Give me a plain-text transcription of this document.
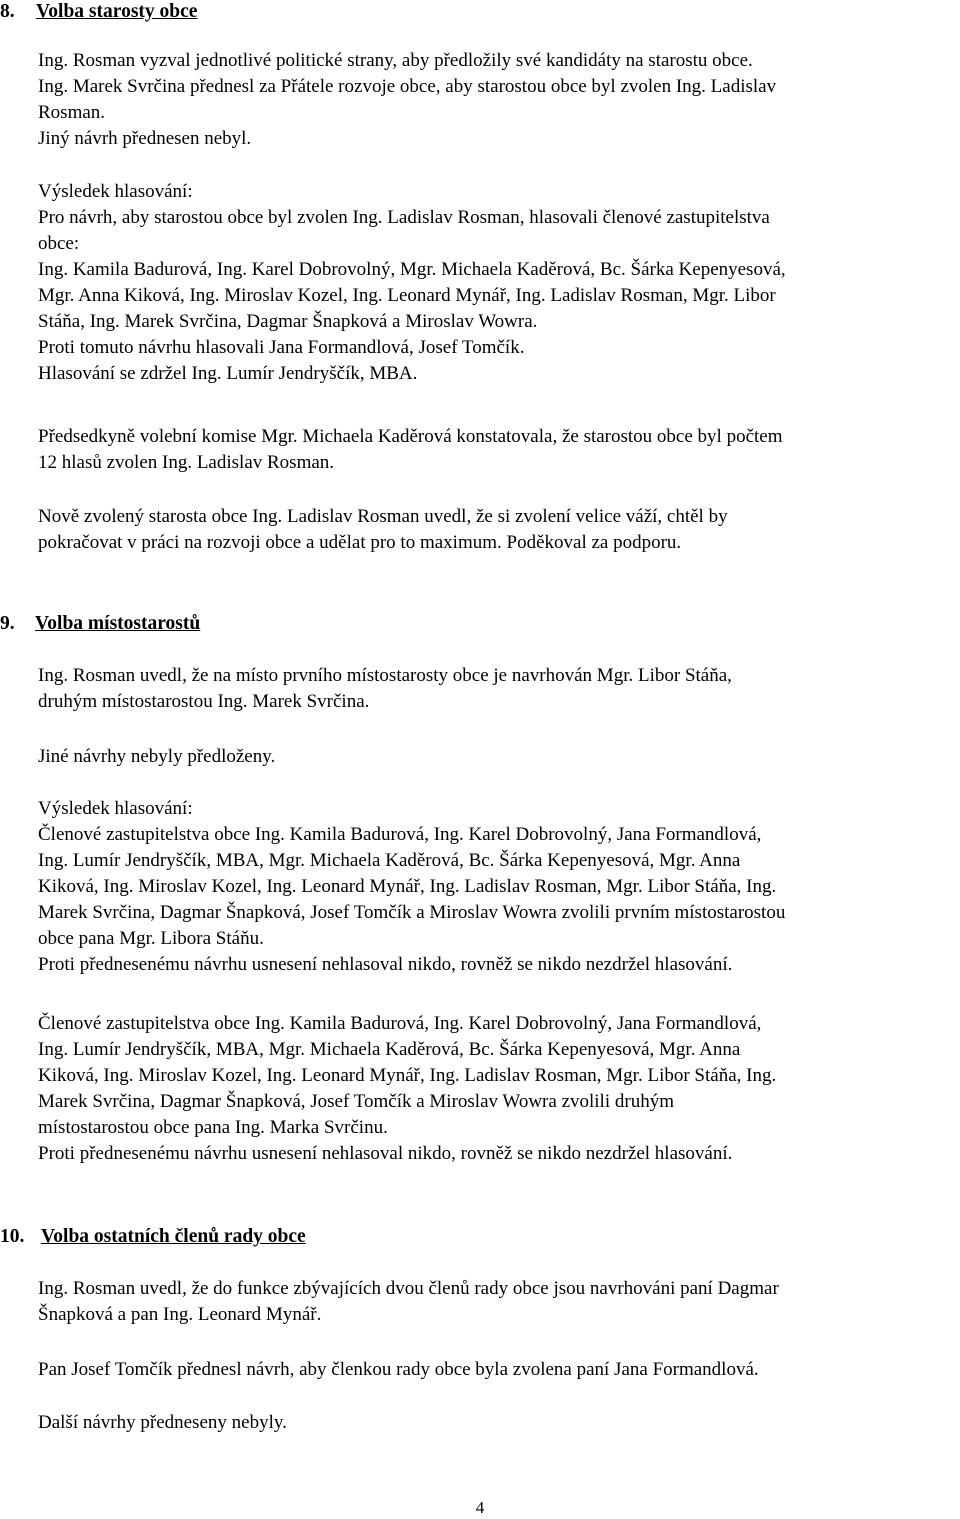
8. Volba starosty obce
Ing. Rosman vyzval jednotlivé politické strany, aby předložily své kandidáty na starostu obce.
Ing. Marek Svrčina přednesl za Přátele rozvoje obce, aby starostou obce byl zvolen Ing. Ladislav
Rosman.
Jiný návrh přednesen nebyl.
Výsledek hlasování:
Pro návrh, aby starostou obce byl zvolen Ing. Ladislav Rosman, hlasovali členové zastupitelstva
obce:
Ing. Kamila Badurová, Ing. Karel Dobrovolný, Mgr. Michaela Kaděrová, Bc. Šárka Kepenyesová,
Mgr. Anna Kiková, Ing. Miroslav Kozel, Ing. Leonard Mynář, Ing. Ladislav Rosman, Mgr. Libor
Stáňa, Ing. Marek Svrčina, Dagmar Šnapková a Miroslav Wowra.
Proti tomuto návrhu hlasovali Jana Formandlová, Josef Tomčík.
Hlasování se zdržel Ing. Lumír Jendryščík, MBA.
Předsedkyně volební komise Mgr. Michaela Kaděrová konstatovala, že starostou obce byl počtem
12 hlasů zvolen Ing. Ladislav Rosman.
Nově zvolený starosta obce Ing. Ladislav Rosman uvedl, že si zvolení velice váží, chtěl by
pokračovat v práci na rozvoji obce a udělat pro to maximum. Poděkoval za podporu.
9. Volba místostarostů
Ing. Rosman uvedl, že na místo prvního místostarosty obce je navrhován Mgr. Libor Stáňa,
druhým místostarostou Ing. Marek Svrčina.
Jiné návrhy nebyly předloženy.
Výsledek hlasování:
Členové zastupitelstva obce Ing. Kamila Badurová, Ing. Karel Dobrovolný, Jana Formandlová,
Ing. Lumír Jendryščík, MBA, Mgr. Michaela Kaděrová, Bc. Šárka Kepenyesová, Mgr. Anna
Kiková, Ing. Miroslav Kozel, Ing. Leonard Mynář, Ing. Ladislav Rosman, Mgr. Libor Stáňa, Ing.
Marek Svrčina, Dagmar Šnapková, Josef Tomčík a Miroslav Wowra zvolili prvním místostarostou
obce pana Mgr. Libora Stáňu.
Proti přednesenému návrhu usnesení nehlasoval nikdo, rovněž se nikdo nezdržel hlasování.
Členové zastupitelstva obce Ing. Kamila Badurová, Ing. Karel Dobrovolný, Jana Formandlová,
Ing. Lumír Jendryščík, MBA, Mgr. Michaela Kaděrová, Bc. Šárka Kepenyesová, Mgr. Anna
Kiková, Ing. Miroslav Kozel, Ing. Leonard Mynář, Ing. Ladislav Rosman, Mgr. Libor Stáňa, Ing.
Marek Svrčina, Dagmar Šnapková, Josef Tomčík a Miroslav Wowra zvolili druhým
místostarostou obce pana Ing. Marka Svrčinu.
Proti přednesenému návrhu usnesení nehlasoval nikdo, rovněž se nikdo nezdržel hlasování.
10. Volba ostatních členů rady obce
Ing. Rosman uvedl, že do funkce zbývajících dvou členů rady obce jsou navrhováni paní Dagmar
Šnapková a pan Ing. Leonard Mynář.
Pan Josef Tomčík přednesl návrh, aby členkou rady obce byla zvolena paní Jana Formandlová.
Další návrhy předneseny nebyly.
4
